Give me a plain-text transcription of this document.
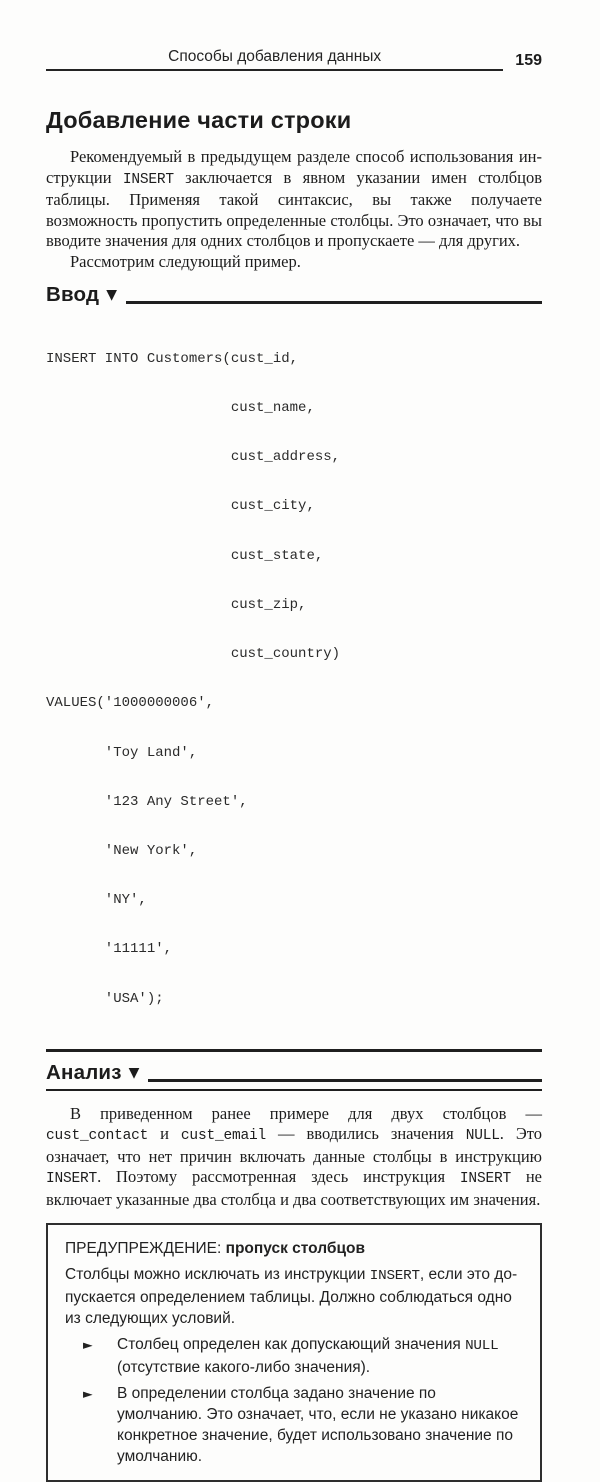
Способы добавления данных	159
Добавление части строки

Рекомендуемый в предыдущем разделе способ использования инструкции INSERT заключается в явном указании имен столбцов таблицы. Применяя такой синтаксис, вы также получаете возможность пропустить определенные столбцы. Это означает, что вы вводите значения для одних столбцов и пропускаете — для других.

Рассмотрим следующий пример.

Ввод ▼

INSERT INTO Customers(cust_id,

cust_name,

cust_address,

cust_city,

cust_state,

cust_zip,

cust_country)

VALUES('1000000006',

'Toy Land',

'123 Any Street',

'New York',

'NY',

'11111',

'USA');

Анализ ▼

В приведенном ранее примере для двух столбцов — cust_contact и cust_email — вводились значения NULL. Это означает, что нет причин включать данные столбцы в инструкцию INSERT. Поэтому рассмотренная здесь инструкция INSERT не включает указанные два столбца и два соответствующих им значения.

ПРЕДУПРЕЖДЕНИЕ: пропуск столбцов

Столбцы можно исключать из инструкции INSERT, если это допускается определением таблицы. Должно соблюдаться одно из следующих условий.

►	Столбец определен как допускающий значения NULL (отсутствие какого-либо значения).
►	В определении столбца задано значение по умолчанию. Это означает, что, если не указано никакое конкретное значение, будет использовано значение по умолчанию.
